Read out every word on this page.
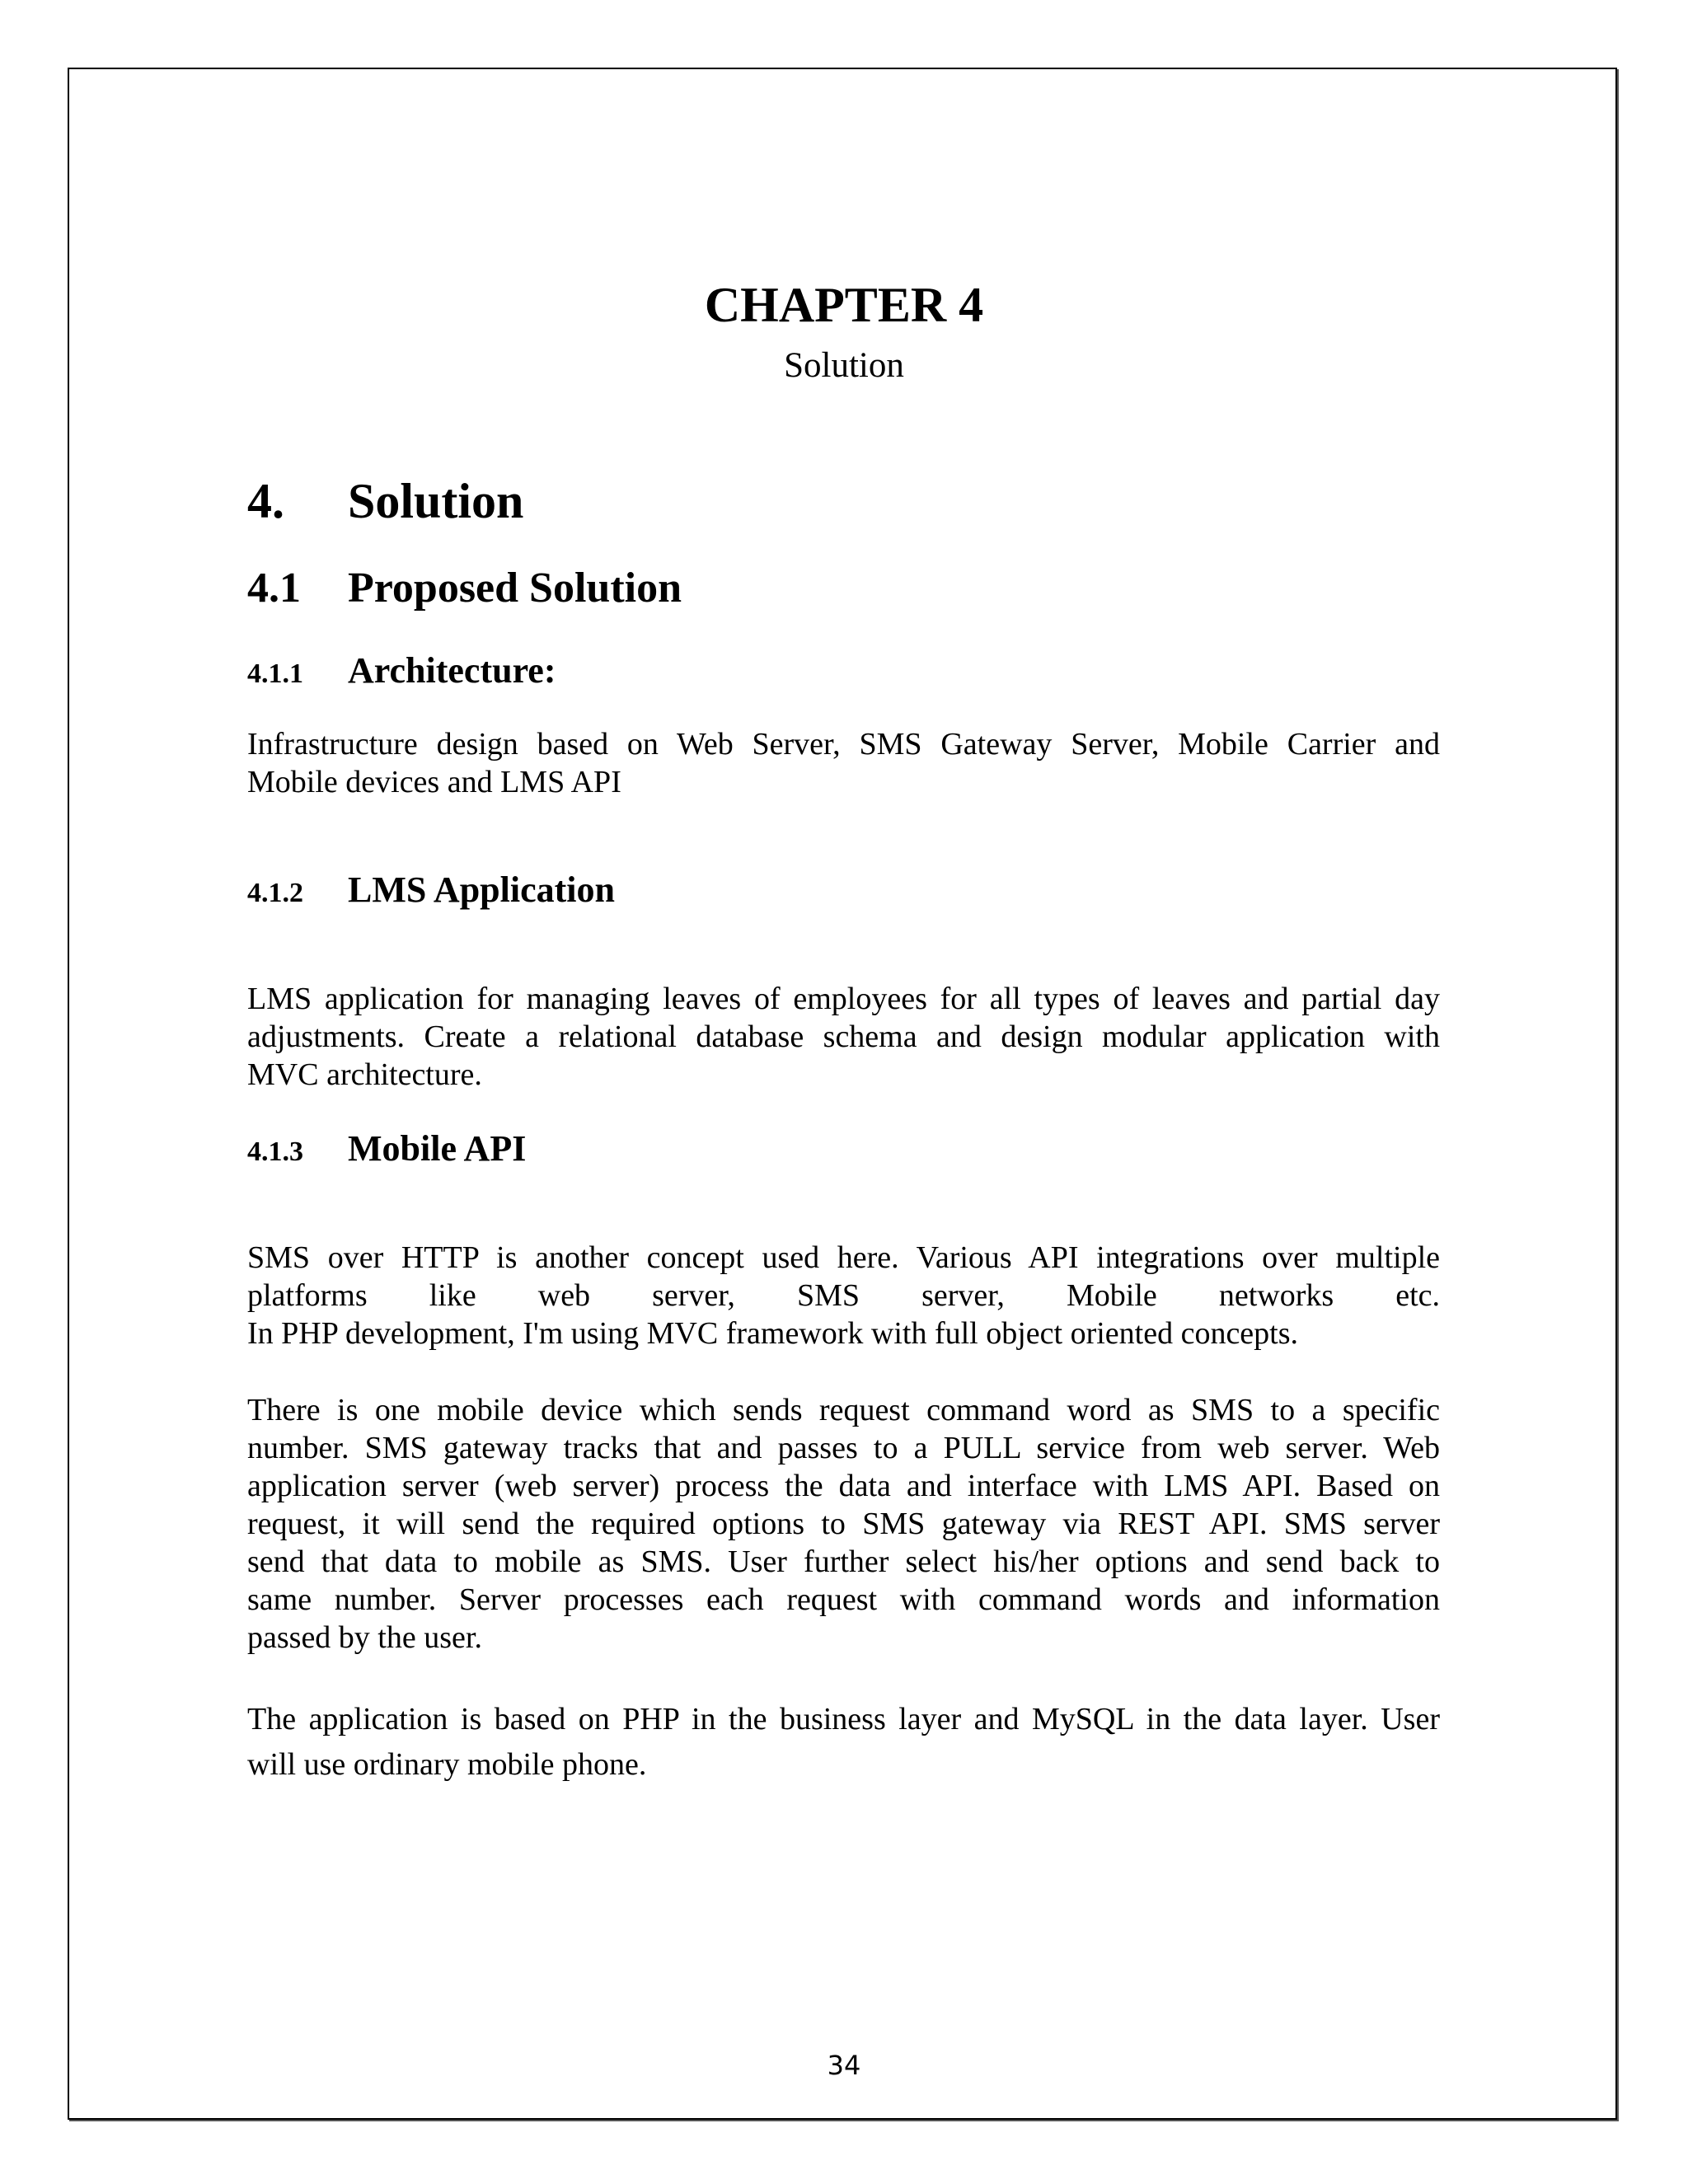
CHAPTER 4
Solution
4. Solution
4.1 Proposed Solution
4.1.1 Architecture:
Infrastructure design based on Web Server, SMS Gateway Server, Mobile Carrier and
Mobile devices and LMS API
4.1.2 LMS Application
LMS application for managing leaves of employees for all types of leaves and partial day
adjustments. Create a relational database schema and design modular application with
MVC architecture.
4.1.3 Mobile API
SMS over HTTP is another concept used here. Various API integrations over multiple
platforms like web server, SMS server, Mobile networks etc.
In PHP development, I'm using MVC framework with full object oriented concepts.
There is one mobile device which sends request command word as SMS to a specific
number. SMS gateway tracks that and passes to a PULL service from web server. Web
application server (web server) process the data and interface with LMS API. Based on
request, it will send the required options to SMS gateway via REST API. SMS server
send that data to mobile as SMS. User further select his/her options and send back to
same number. Server processes each request with command words and information
passed by the user.
The application is based on PHP in the business layer and MySQL in the data layer. User
will use ordinary mobile phone.
34
